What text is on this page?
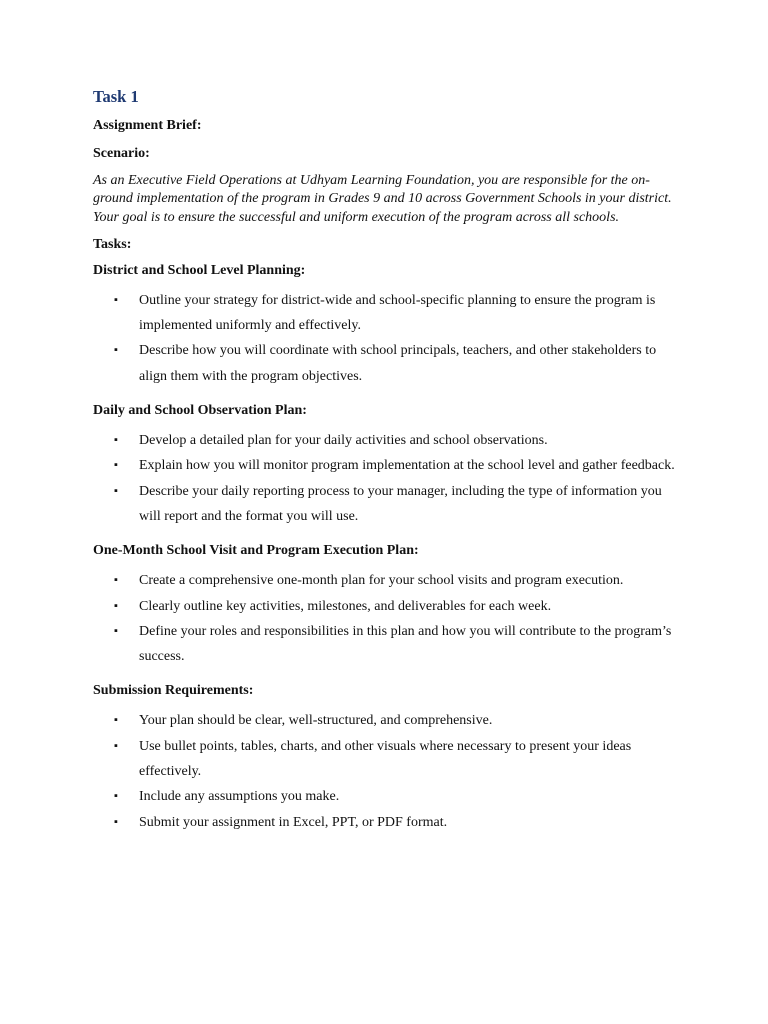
Task 1
Assignment Brief:
Scenario:
As an Executive Field Operations at Udhyam Learning Foundation, you are responsible for the on-ground implementation of the program in Grades 9 and 10 across Government Schools in your district. Your goal is to ensure the successful and uniform execution of the program across all schools.
Tasks:
District and School Level Planning:
▪ Outline your strategy for district-wide and school-specific planning to ensure the program is implemented uniformly and effectively.
▪ Describe how you will coordinate with school principals, teachers, and other stakeholders to align them with the program objectives.
Daily and School Observation Plan:
▪ Develop a detailed plan for your daily activities and school observations.
▪ Explain how you will monitor program implementation at the school level and gather feedback.
▪ Describe your daily reporting process to your manager, including the type of information you will report and the format you will use.
One-Month School Visit and Program Execution Plan:
▪ Create a comprehensive one-month plan for your school visits and program execution.
▪ Clearly outline key activities, milestones, and deliverables for each week.
▪ Define your roles and responsibilities in this plan and how you will contribute to the program’s success.
Submission Requirements:
▪ Your plan should be clear, well-structured, and comprehensive.
▪ Use bullet points, tables, charts, and other visuals where necessary to present your ideas effectively.
▪ Include any assumptions you make.
▪ Submit your assignment in Excel, PPT, or PDF format.
